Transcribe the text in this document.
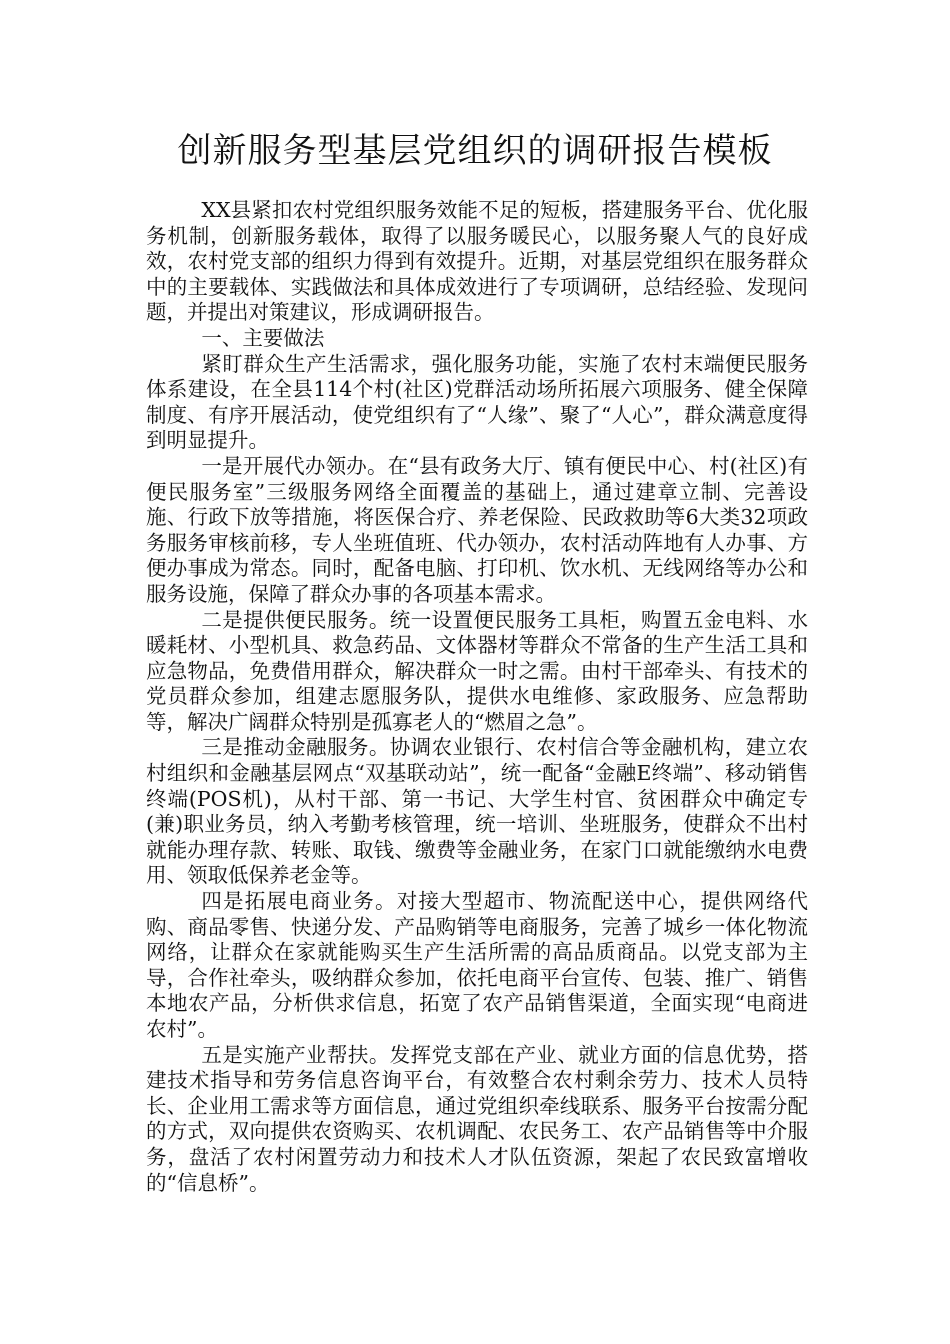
创新服务型基层党组织的调研报告模板

XX县紧扣农村党组织服务效能不足的短板，搭建服务平台、优化服务机制，创新服务载体，取得了以服务暖民心，以服务聚人气的良好成效，农村党支部的组织力得到有效提升。近期，对基层党组织在服务群众中的主要载体、实践做法和具体成效进行了专项调研，总结经验、发现问题，并提出对策建议，形成调研报告。

一、主要做法

紧盯群众生产生活需求，强化服务功能，实施了农村末端便民服务体系建设，在全县114个村(社区)党群活动场所拓展六项服务、健全保障制度、有序开展活动，使党组织有了“人缘”、聚了“人心”，群众满意度得到明显提升。

一是开展代办领办。在“县有政务大厅、镇有便民中心、村(社区)有便民服务室”三级服务网络全面覆盖的基础上，通过建章立制、完善设施、行政下放等措施，将医保合疗、养老保险、民政救助等6大类32项政务服务审核前移，专人坐班值班、代办领办，农村活动阵地有人办事、方便办事成为常态。同时，配备电脑、打印机、饮水机、无线网络等办公和服务设施，保障了群众办事的各项基本需求。

二是提供便民服务。统一设置便民服务工具柜，购置五金电料、水暖耗材、小型机具、救急药品、文体器材等群众不常备的生产生活工具和应急物品，免费借用群众，解决群众一时之需。由村干部牵头、有技术的党员群众参加，组建志愿服务队，提供水电维修、家政服务、应急帮助等，解决广阔群众特别是孤寡老人的“燃眉之急”。

三是推动金融服务。协调农业银行、农村信合等金融机构，建立农村组织和金融基层网点“双基联动站”，统一配备“金融E终端”、移动销售终端(POS机)，从村干部、第一书记、大学生村官、贫困群众中确定专(兼)职业务员，纳入考勤考核管理，统一培训、坐班服务，使群众不出村就能办理存款、转账、取钱、缴费等金融业务，在家门口就能缴纳水电费用、领取低保养老金等。

四是拓展电商业务。对接大型超市、物流配送中心，提供网络代购、商品零售、快递分发、产品购销等电商服务，完善了城乡一体化物流网络，让群众在家就能购买生产生活所需的高品质商品。以党支部为主导，合作社牵头，吸纳群众参加，依托电商平台宣传、包装、推广、销售本地农产品，分析供求信息，拓宽了农产品销售渠道，全面实现“电商进农村”。

五是实施产业帮扶。发挥党支部在产业、就业方面的信息优势，搭建技术指导和劳务信息咨询平台，有效整合农村剩余劳力、技术人员特长、企业用工需求等方面信息，通过党组织牵线联系、服务平台按需分配的方式，双向提供农资购买、农机调配、农民务工、农产品销售等中介服务，盘活了农村闲置劳动力和技术人才队伍资源，架起了农民致富增收的“信息桥”。
